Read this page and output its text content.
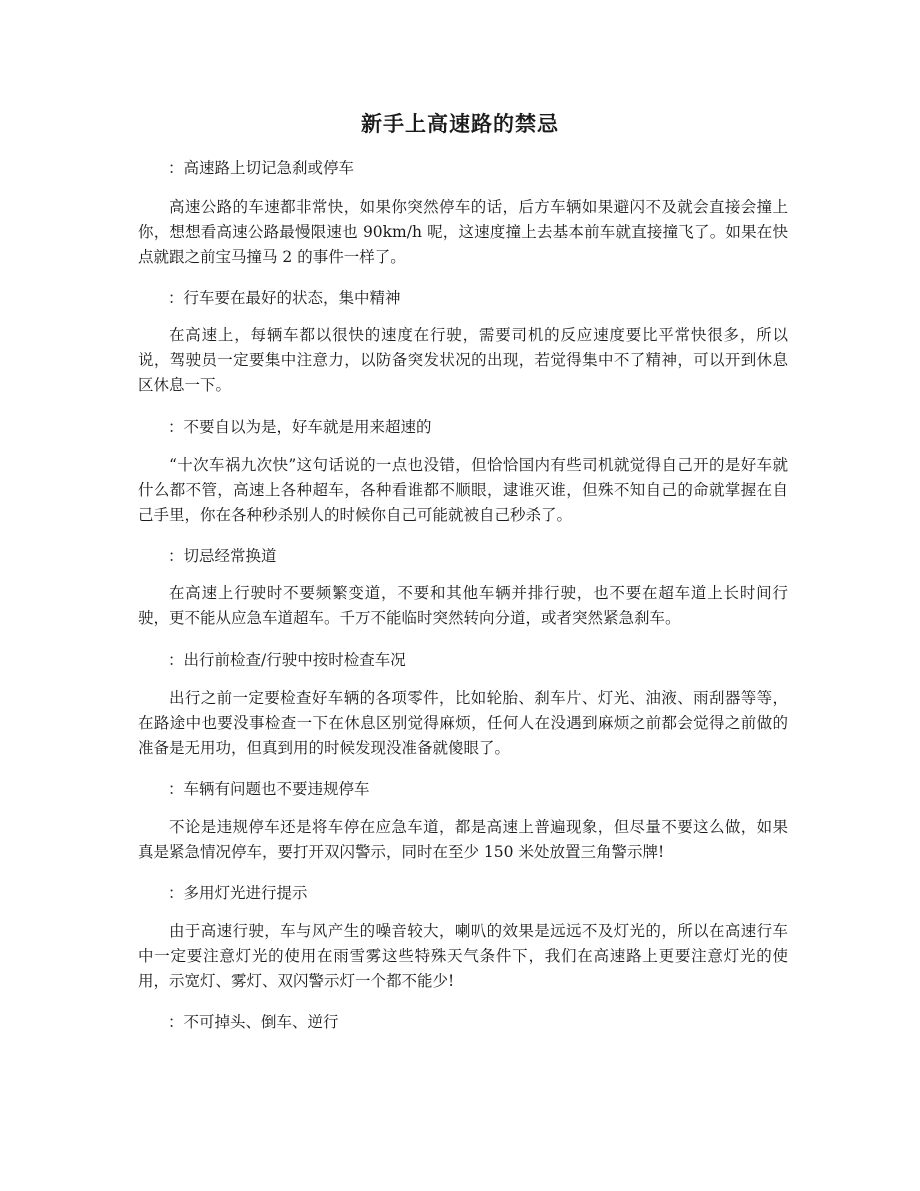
新手上高速路的禁忌
：高速路上切记急刹或停车
高速公路的车速都非常快，如果你突然停车的话，后方车辆如果避闪不及就会直接会撞上你，想想看高速公路最慢限速也 90km/h 呢，这速度撞上去基本前车就直接撞飞了。如果在快点就跟之前宝马撞马 2 的事件一样了。
：行车要在最好的状态，集中精神
在高速上，每辆车都以很快的速度在行驶，需要司机的反应速度要比平常快很多，所以说，驾驶员一定要集中注意力，以防备突发状况的出现，若觉得集中不了精神，可以开到休息区休息一下。
：不要自以为是，好车就是用来超速的
“十次车祸九次快”这句话说的一点也没错，但恰恰国内有些司机就觉得自己开的是好车就什么都不管，高速上各种超车，各种看谁都不顺眼，逮谁灭谁，但殊不知自己的命就掌握在自己手里，你在各种秒杀别人的时候你自己可能就被自己秒杀了。
：切忌经常换道
在高速上行驶时不要频繁变道，不要和其他车辆并排行驶，也不要在超车道上长时间行驶，更不能从应急车道超车。千万不能临时突然转向分道，或者突然紧急刹车。
：出行前检查/行驶中按时检查车况
出行之前一定要检查好车辆的各项零件，比如轮胎、刹车片、灯光、油液、雨刮器等等，在路途中也要没事检查一下在休息区别觉得麻烦，任何人在没遇到麻烦之前都会觉得之前做的准备是无用功，但真到用的时候发现没准备就傻眼了。
：车辆有问题也不要违规停车
不论是违规停车还是将车停在应急车道，都是高速上普遍现象，但尽量不要这么做，如果真是紧急情况停车，要打开双闪警示，同时在至少 150 米处放置三角警示牌!
：多用灯光进行提示
由于高速行驶，车与风产生的噪音较大，喇叭的效果是远远不及灯光的，所以在高速行车中一定要注意灯光的使用在雨雪雾这些特殊天气条件下，我们在高速路上更要注意灯光的使用，示宽灯、雾灯、双闪警示灯一个都不能少!
：不可掉头、倒车、逆行
